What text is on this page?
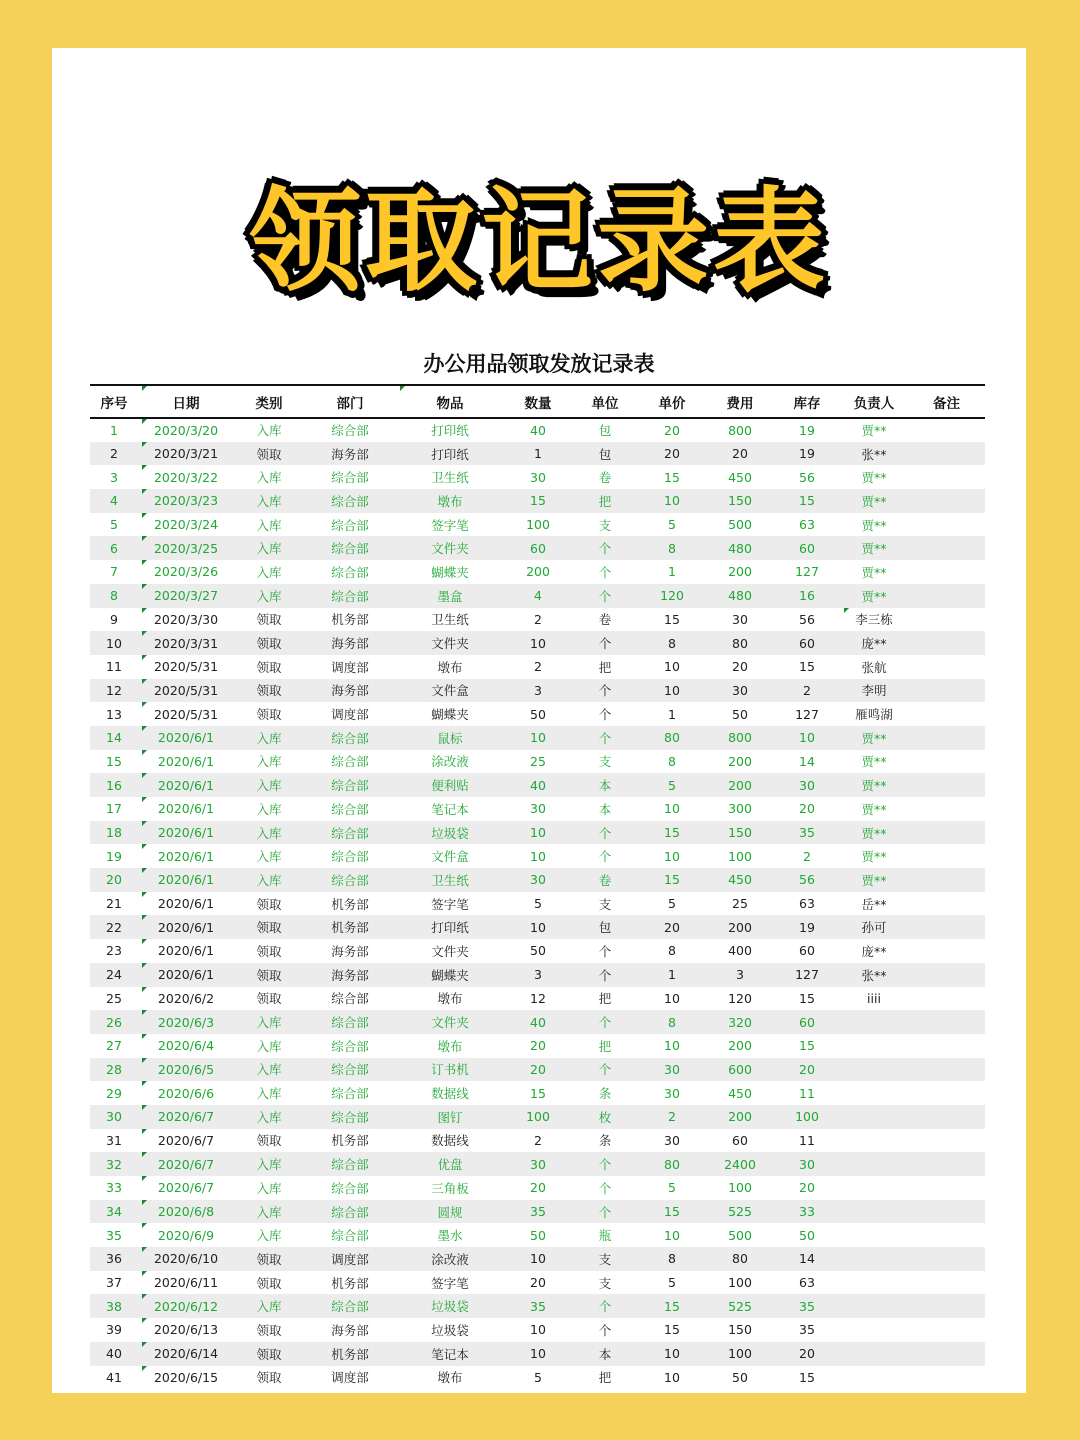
领取记录表
办公用品领取发放记录表
序号	日期	类别	部门	物品	数量	单位	单价	费用	库存	负责人	备注
1	2020/3/20	入库	综合部	打印纸	40	包	20	800	19	贾**	
2	2020/3/21	领取	海务部	打印纸	1	包	20	20	19	张**	
3	2020/3/22	入库	综合部	卫生纸	30	卷	15	450	56	贾**	
4	2020/3/23	入库	综合部	墩布	15	把	10	150	15	贾**	
5	2020/3/24	入库	综合部	签字笔	100	支	5	500	63	贾**	
6	2020/3/25	入库	综合部	文件夹	60	个	8	480	60	贾**	
7	2020/3/26	入库	综合部	蝴蝶夹	200	个	1	200	127	贾**	
8	2020/3/27	入库	综合部	墨盒	4	个	120	480	16	贾**	
9	2020/3/30	领取	机务部	卫生纸	2	卷	15	30	56	李三栋	
10	2020/3/31	领取	海务部	文件夹	10	个	8	80	60	庞**	
11	2020/5/31	领取	调度部	墩布	2	把	10	20	15	张航	
12	2020/5/31	领取	海务部	文件盒	3	个	10	30	2	李明	
13	2020/5/31	领取	调度部	蝴蝶夹	50	个	1	50	127	雁鸣湖	
14	2020/6/1	入库	综合部	鼠标	10	个	80	800	10	贾**	
15	2020/6/1	入库	综合部	涂改液	25	支	8	200	14	贾**	
16	2020/6/1	入库	综合部	便利贴	40	本	5	200	30	贾**	
17	2020/6/1	入库	综合部	笔记本	30	本	10	300	20	贾**	
18	2020/6/1	入库	综合部	垃圾袋	10	个	15	150	35	贾**	
19	2020/6/1	入库	综合部	文件盒	10	个	10	100	2	贾**	
20	2020/6/1	入库	综合部	卫生纸	30	卷	15	450	56	贾**	
21	2020/6/1	领取	机务部	签字笔	5	支	5	25	63	岳**	
22	2020/6/1	领取	机务部	打印纸	10	包	20	200	19	孙可	
23	2020/6/1	领取	海务部	文件夹	50	个	8	400	60	庞**	
24	2020/6/1	领取	海务部	蝴蝶夹	3	个	1	3	127	张**	
25	2020/6/2	领取	综合部	墩布	12	把	10	120	15	iiii	
26	2020/6/3	入库	综合部	文件夹	40	个	8	320	60		
27	2020/6/4	入库	综合部	墩布	20	把	10	200	15		
28	2020/6/5	入库	综合部	订书机	20	个	30	600	20		
29	2020/6/6	入库	综合部	数据线	15	条	30	450	11		
30	2020/6/7	入库	综合部	图钉	100	枚	2	200	100		
31	2020/6/7	领取	机务部	数据线	2	条	30	60	11		
32	2020/6/7	入库	综合部	优盘	30	个	80	2400	30		
33	2020/6/7	入库	综合部	三角板	20	个	5	100	20		
34	2020/6/8	入库	综合部	圆规	35	个	15	525	33		
35	2020/6/9	入库	综合部	墨水	50	瓶	10	500	50		
36	2020/6/10	领取	调度部	涂改液	10	支	8	80	14		
37	2020/6/11	领取	机务部	签字笔	20	支	5	100	63		
38	2020/6/12	入库	综合部	垃圾袋	35	个	15	525	35		
39	2020/6/13	领取	海务部	垃圾袋	10	个	15	150	35		
40	2020/6/14	领取	机务部	笔记本	10	本	10	100	20		
41	2020/6/15	领取	调度部	墩布	5	把	10	50	15		
